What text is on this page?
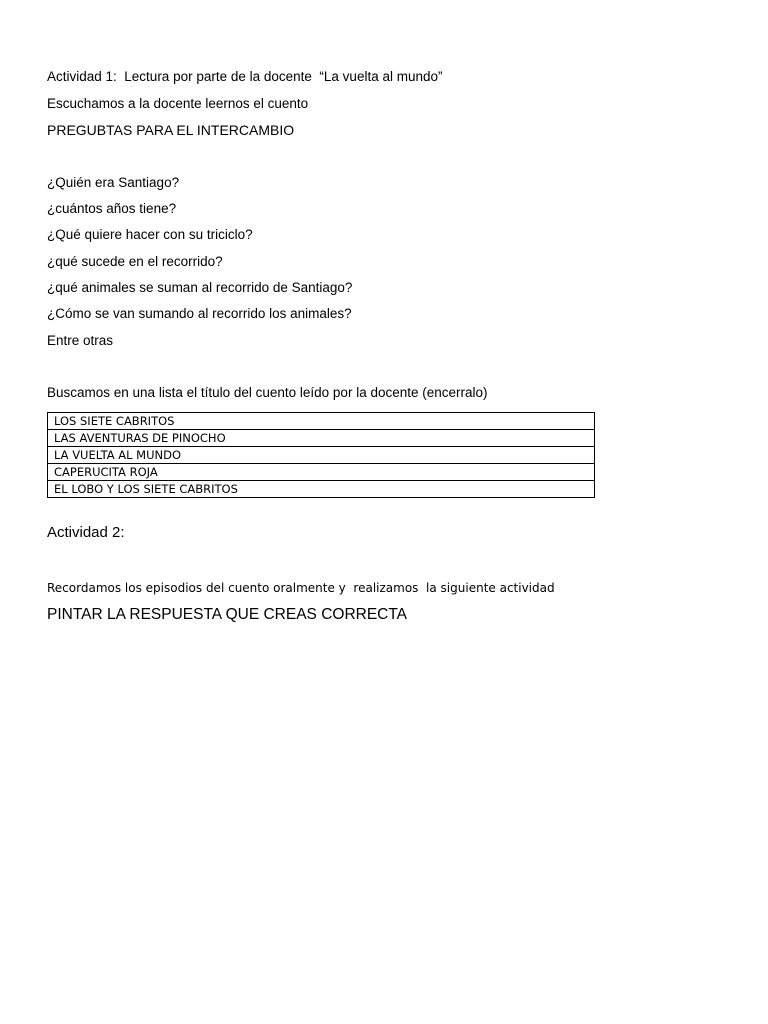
Actividad 1:  Lectura por parte de la docente  “La vuelta al mundo”
Escuchamos a la docente leernos el cuento
PREGUBTAS PARA EL INTERCAMBIO
¿Quién era Santiago?
¿cuántos años tiene?
¿Qué quiere hacer con su triciclo?
¿qué sucede en el recorrido?
¿qué animales se suman al recorrido de Santiago?
¿Cómo se van sumando al recorrido los animales?
Entre otras
Buscamos en una lista el título del cuento leído por la docente (encerralo)
LOS SIETE CABRITOS
LAS AVENTURAS DE PINOCHO
LA VUELTA AL MUNDO
CAPERUCITA ROJA
EL LOBO Y LOS SIETE CABRITOS
Actividad 2:
Recordamos los episodios del cuento oralmente y  realizamos  la siguiente actividad
PINTAR LA RESPUESTA QUE CREAS CORRECTA
